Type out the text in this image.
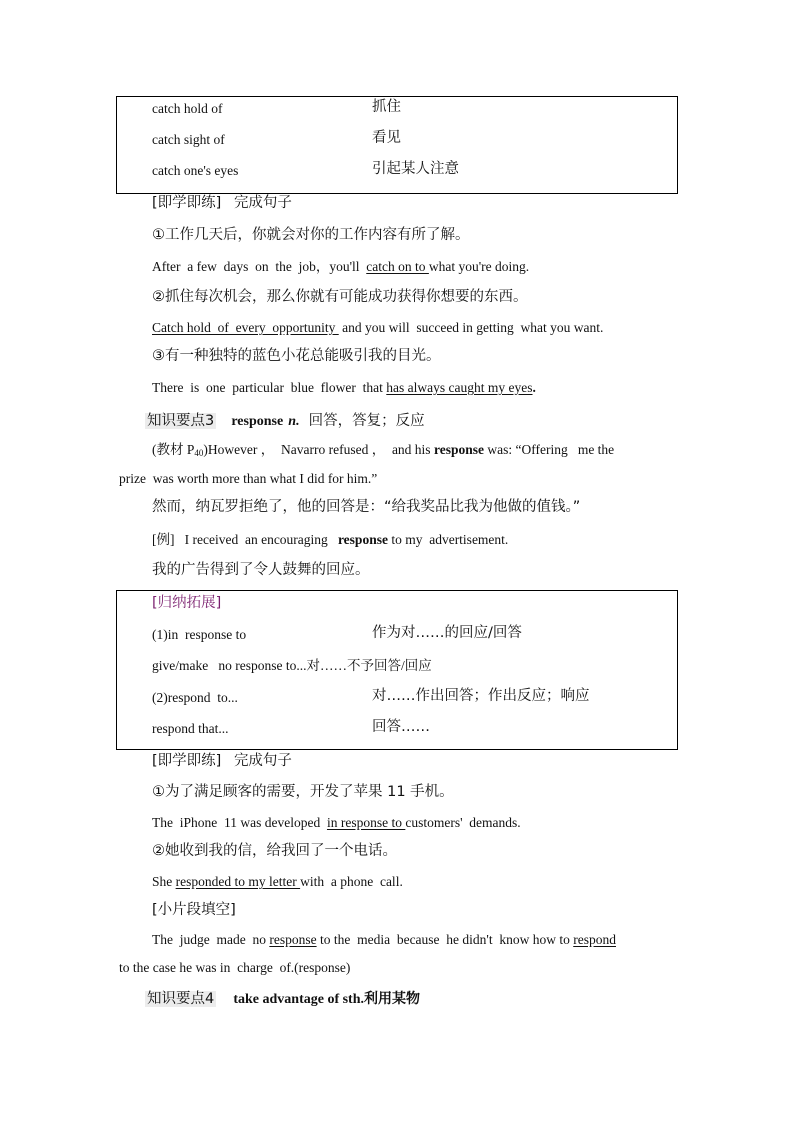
catch hold of	抓住
catch sight of	看见
catch one's eyes	引起某人注意
[即学即练] 完成句子
①工作几天后，你就会对你的工作内容有所了解。
After  a few  days  on  the  job，you'll  catch on to what you're doing.
②抓住每次机会，那么你就有可能成功获得你想要的东西。
Catch hold  of  every  opportunity  and you will  succeed in getting  what you want.
③有一种独特的蓝色小花总能吸引我的目光。
There  is  one  particular  blue  flower  that has always caught my eyes.
知识要点3 response n. 回答，答复；反应
(教材 $P_{40})However$ ，  Navarro refused ，  and his response was: “Offering   me the
prize  was worth more than what I did for him.”
然而，纳瓦罗拒绝了，他的回答是：“给我奖品比我为他做的值钱。”
[例]   I received  an encouraging   response to my  advertisement.
我的广告得到了令人鼓舞的回应。
[归纳拓展]
(1)in  response to	作为对……的回应/回答
give/make   no response to...对……不予回答/回应
(2)respond  to...	对……作出回答；作出反应；响应
respond that...	回答……
[即学即练] 完成句子
①为了满足顾客的需要，开发了苹果 11 手机。
The  iPhone  11 was developed  in response to customers'  demands.
②她收到我的信，给我回了一个电话。
She responded to my letter with  a phone  call.
[小片段填空]
The  judge  made  no response to the  media  because  he didn't  know how to respond
to the case he was in  charge  of.(response)
知识要点4 take advantage of sth.利用某物
